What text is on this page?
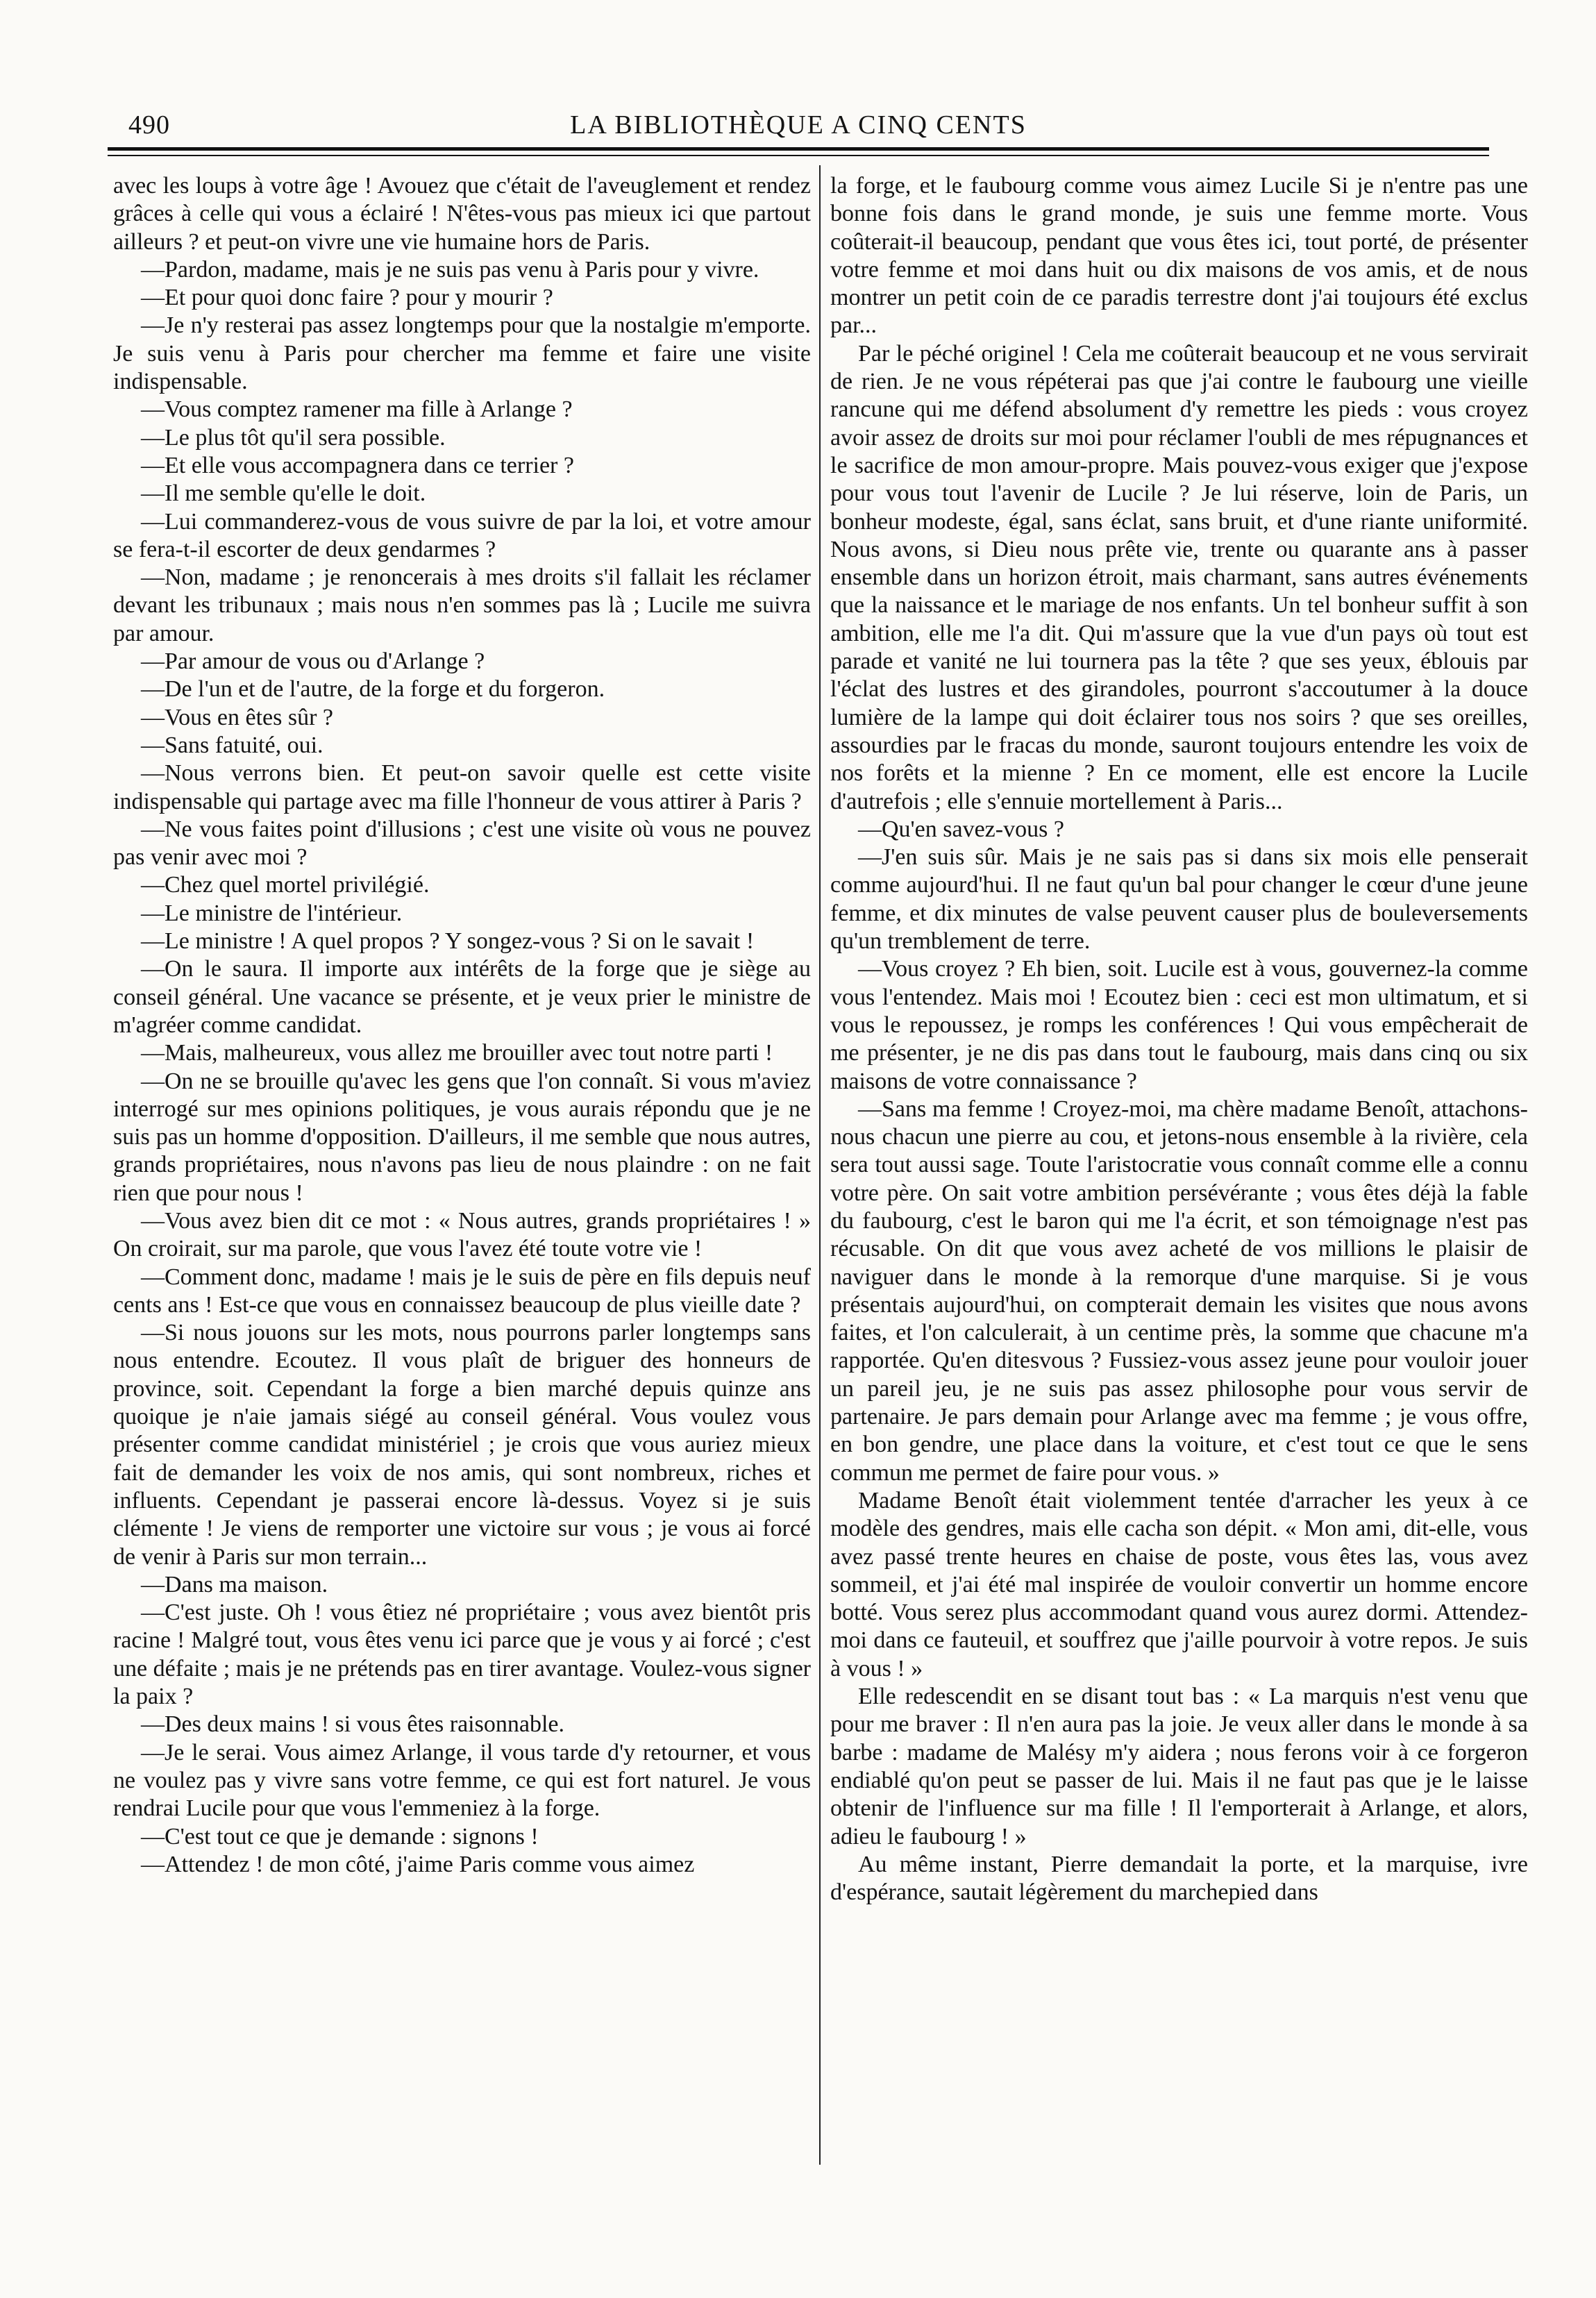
490	LA BIBLIOTHÈQUE A CINQ CENTS

avec les loups à votre âge ! Avouez que c'était de l'aveuglement et rendez grâces à celle qui vous a éclairé ! N'êtes-vous pas mieux ici que partout ailleurs ? et peut-on vivre une vie humaine hors de Paris.

—Pardon, madame, mais je ne suis pas venu à Paris pour y vivre.

—Et pour quoi donc faire ? pour y mourir ?

—Je n'y resterai pas assez longtemps pour que la nostalgie m'emporte. Je suis venu à Paris pour chercher ma femme et faire une visite indispensable.

—Vous comptez ramener ma fille à Arlange ?

—Le plus tôt qu'il sera possible.

—Et elle vous accompagnera dans ce terrier ?

—Il me semble qu'elle le doit.

—Lui commanderez-vous de vous suivre de par la loi, et votre amour se fera-t-il escorter de deux gendarmes ?

—Non, madame ; je renoncerais à mes droits s'il fallait les réclamer devant les tribunaux ; mais nous n'en sommes pas là ; Lucile me suivra par amour.

—Par amour de vous ou d'Arlange ?

—De l'un et de l'autre, de la forge et du forgeron.

—Vous en êtes sûr ?

—Sans fatuité, oui.

—Nous verrons bien. Et peut-on savoir quelle est cette visite indispensable qui partage avec ma fille l'honneur de vous attirer à Paris ?

—Ne vous faites point d'illusions ; c'est une visite où vous ne pouvez pas venir avec moi ?

—Chez quel mortel privilégié.

—Le ministre de l'intérieur.

—Le ministre ! A quel propos ? Y songez-vous ? Si on le savait !

—On le saura. Il importe aux intérêts de la forge que je siège au conseil général. Une vacance se présente, et je veux prier le ministre de m'agréer comme candidat.

—Mais, malheureux, vous allez me brouiller avec tout notre parti !

—On ne se brouille qu'avec les gens que l'on connaît. Si vous m'aviez interrogé sur mes opinions politiques, je vous aurais répondu que je ne suis pas un homme d'opposition. D'ailleurs, il me semble que nous autres, grands propriétaires, nous n'avons pas lieu de nous plaindre : on ne fait rien que pour nous !

—Vous avez bien dit ce mot : « Nous autres, grands propriétaires ! » On croirait, sur ma parole, que vous l'avez été toute votre vie !

—Comment donc, madame ! mais je le suis de père en fils depuis neuf cents ans ! Est-ce que vous en connaissez beaucoup de plus vieille date ?

—Si nous jouons sur les mots, nous pourrons parler longtemps sans nous entendre. Ecoutez. Il vous plaît de briguer des honneurs de province, soit. Cependant la forge a bien marché depuis quinze ans quoique je n'aie jamais siégé au conseil général. Vous voulez vous présenter comme candidat ministériel ; je crois que vous auriez mieux fait de demander les voix de nos amis, qui sont nombreux, riches et influents. Cependant je passerai encore là-dessus. Voyez si je suis clémente ! Je viens de remporter une victoire sur vous ; je vous ai forcé de venir à Paris sur mon terrain...

—Dans ma maison.

—C'est juste. Oh ! vous êtiez né propriétaire ; vous avez bientôt pris racine ! Malgré tout, vous êtes venu ici parce que je vous y ai forcé ; c'est une défaite ; mais je ne prétends pas en tirer avantage. Voulez-vous signer la paix ?

—Des deux mains ! si vous êtes raisonnable.

—Je le serai. Vous aimez Arlange, il vous tarde d'y retourner, et vous ne voulez pas y vivre sans votre femme, ce qui est fort naturel. Je vous rendrai Lucile pour que vous l'emmeniez à la forge.

—C'est tout ce que je demande : signons !

—Attendez ! de mon côté, j'aime Paris comme vous aimez

la forge, et le faubourg comme vous aimez Lucile Si je n'entre pas une bonne fois dans le grand monde, je suis une femme morte. Vous coûterait-il beaucoup, pendant que vous êtes ici, tout porté, de présenter votre femme et moi dans huit ou dix maisons de vos amis, et de nous montrer un petit coin de ce paradis terrestre dont j'ai toujours été exclus par...

Par le péché originel ! Cela me coûterait beaucoup et ne vous servirait de rien. Je ne vous répéterai pas que j'ai contre le faubourg une vieille rancune qui me défend absolument d'y remettre les pieds : vous croyez avoir assez de droits sur moi pour réclamer l'oubli de mes répugnances et le sacrifice de mon amour-propre. Mais pouvez-vous exiger que j'expose pour vous tout l'avenir de Lucile ? Je lui réserve, loin de Paris, un bonheur modeste, égal, sans éclat, sans bruit, et d'une riante uniformité. Nous avons, si Dieu nous prête vie, trente ou quarante ans à passer ensemble dans un horizon étroit, mais charmant, sans autres événements que la naissance et le mariage de nos enfants. Un tel bonheur suffit à son ambition, elle me l'a dit. Qui m'assure que la vue d'un pays où tout est parade et vanité ne lui tournera pas la tête ? que ses yeux, éblouis par l'éclat des lustres et des girandoles, pourront s'accoutumer à la douce lumière de la lampe qui doit éclairer tous nos soirs ? que ses oreilles, assourdies par le fracas du monde, sauront toujours entendre les voix de nos forêts et la mienne ? En ce moment, elle est encore la Lucile d'autrefois ; elle s'ennuie mortellement à Paris...

—Qu'en savez-vous ?

—J'en suis sûr. Mais je ne sais pas si dans six mois elle penserait comme aujourd'hui. Il ne faut qu'un bal pour changer le cœur d'une jeune femme, et dix minutes de valse peuvent causer plus de bouleversements qu'un tremblement de terre.

—Vous croyez ? Eh bien, soit. Lucile est à vous, gouvernez-la comme vous l'entendez. Mais moi ! Ecoutez bien : ceci est mon ultimatum, et si vous le repoussez, je romps les conférences ! Qui vous empêcherait de me présenter, je ne dis pas dans tout le faubourg, mais dans cinq ou six maisons de votre connaissance ?

—Sans ma femme ! Croyez-moi, ma chère madame Benoît, attachons-nous chacun une pierre au cou, et jetons-nous ensemble à la rivière, cela sera tout aussi sage. Toute l'aristocratie vous connaît comme elle a connu votre père. On sait votre ambition persévérante ; vous êtes déjà la fable du faubourg, c'est le baron qui me l'a écrit, et son témoignage n'est pas récusable. On dit que vous avez acheté de vos millions le plaisir de naviguer dans le monde à la remorque d'une marquise. Si je vous présentais aujourd'hui, on compterait demain les visites que nous avons faites, et l'on calculerait, à un centime près, la somme que chacune m'a rapportée. Qu'en ditesvous ? Fussiez-vous assez jeune pour vouloir jouer un pareil jeu, je ne suis pas assez philosophe pour vous servir de partenaire. Je pars demain pour Arlange avec ma femme ; je vous offre, en bon gendre, une place dans la voiture, et c'est tout ce que le sens commun me permet de faire pour vous. »

Madame Benoît était violemment tentée d'arracher les yeux à ce modèle des gendres, mais elle cacha son dépit. « Mon ami, dit-elle, vous avez passé trente heures en chaise de poste, vous êtes las, vous avez sommeil, et j'ai été mal inspirée de vouloir convertir un homme encore botté. Vous serez plus accommodant quand vous aurez dormi. Attendez-moi dans ce fauteuil, et souffrez que j'aille pourvoir à votre repos. Je suis à vous ! »

Elle redescendit en se disant tout bas : « La marquis n'est venu que pour me braver : Il n'en aura pas la joie. Je veux aller dans le monde à sa barbe : madame de Malésy m'y aidera ; nous ferons voir à ce forgeron endiablé qu'on peut se passer de lui. Mais il ne faut pas que je le laisse obtenir de l'influence sur ma fille ! Il l'emporterait à Arlange, et alors, adieu le faubourg ! »

Au même instant, Pierre demandait la porte, et la marquise, ivre d'espérance, sautait légèrement du marchepied dans
